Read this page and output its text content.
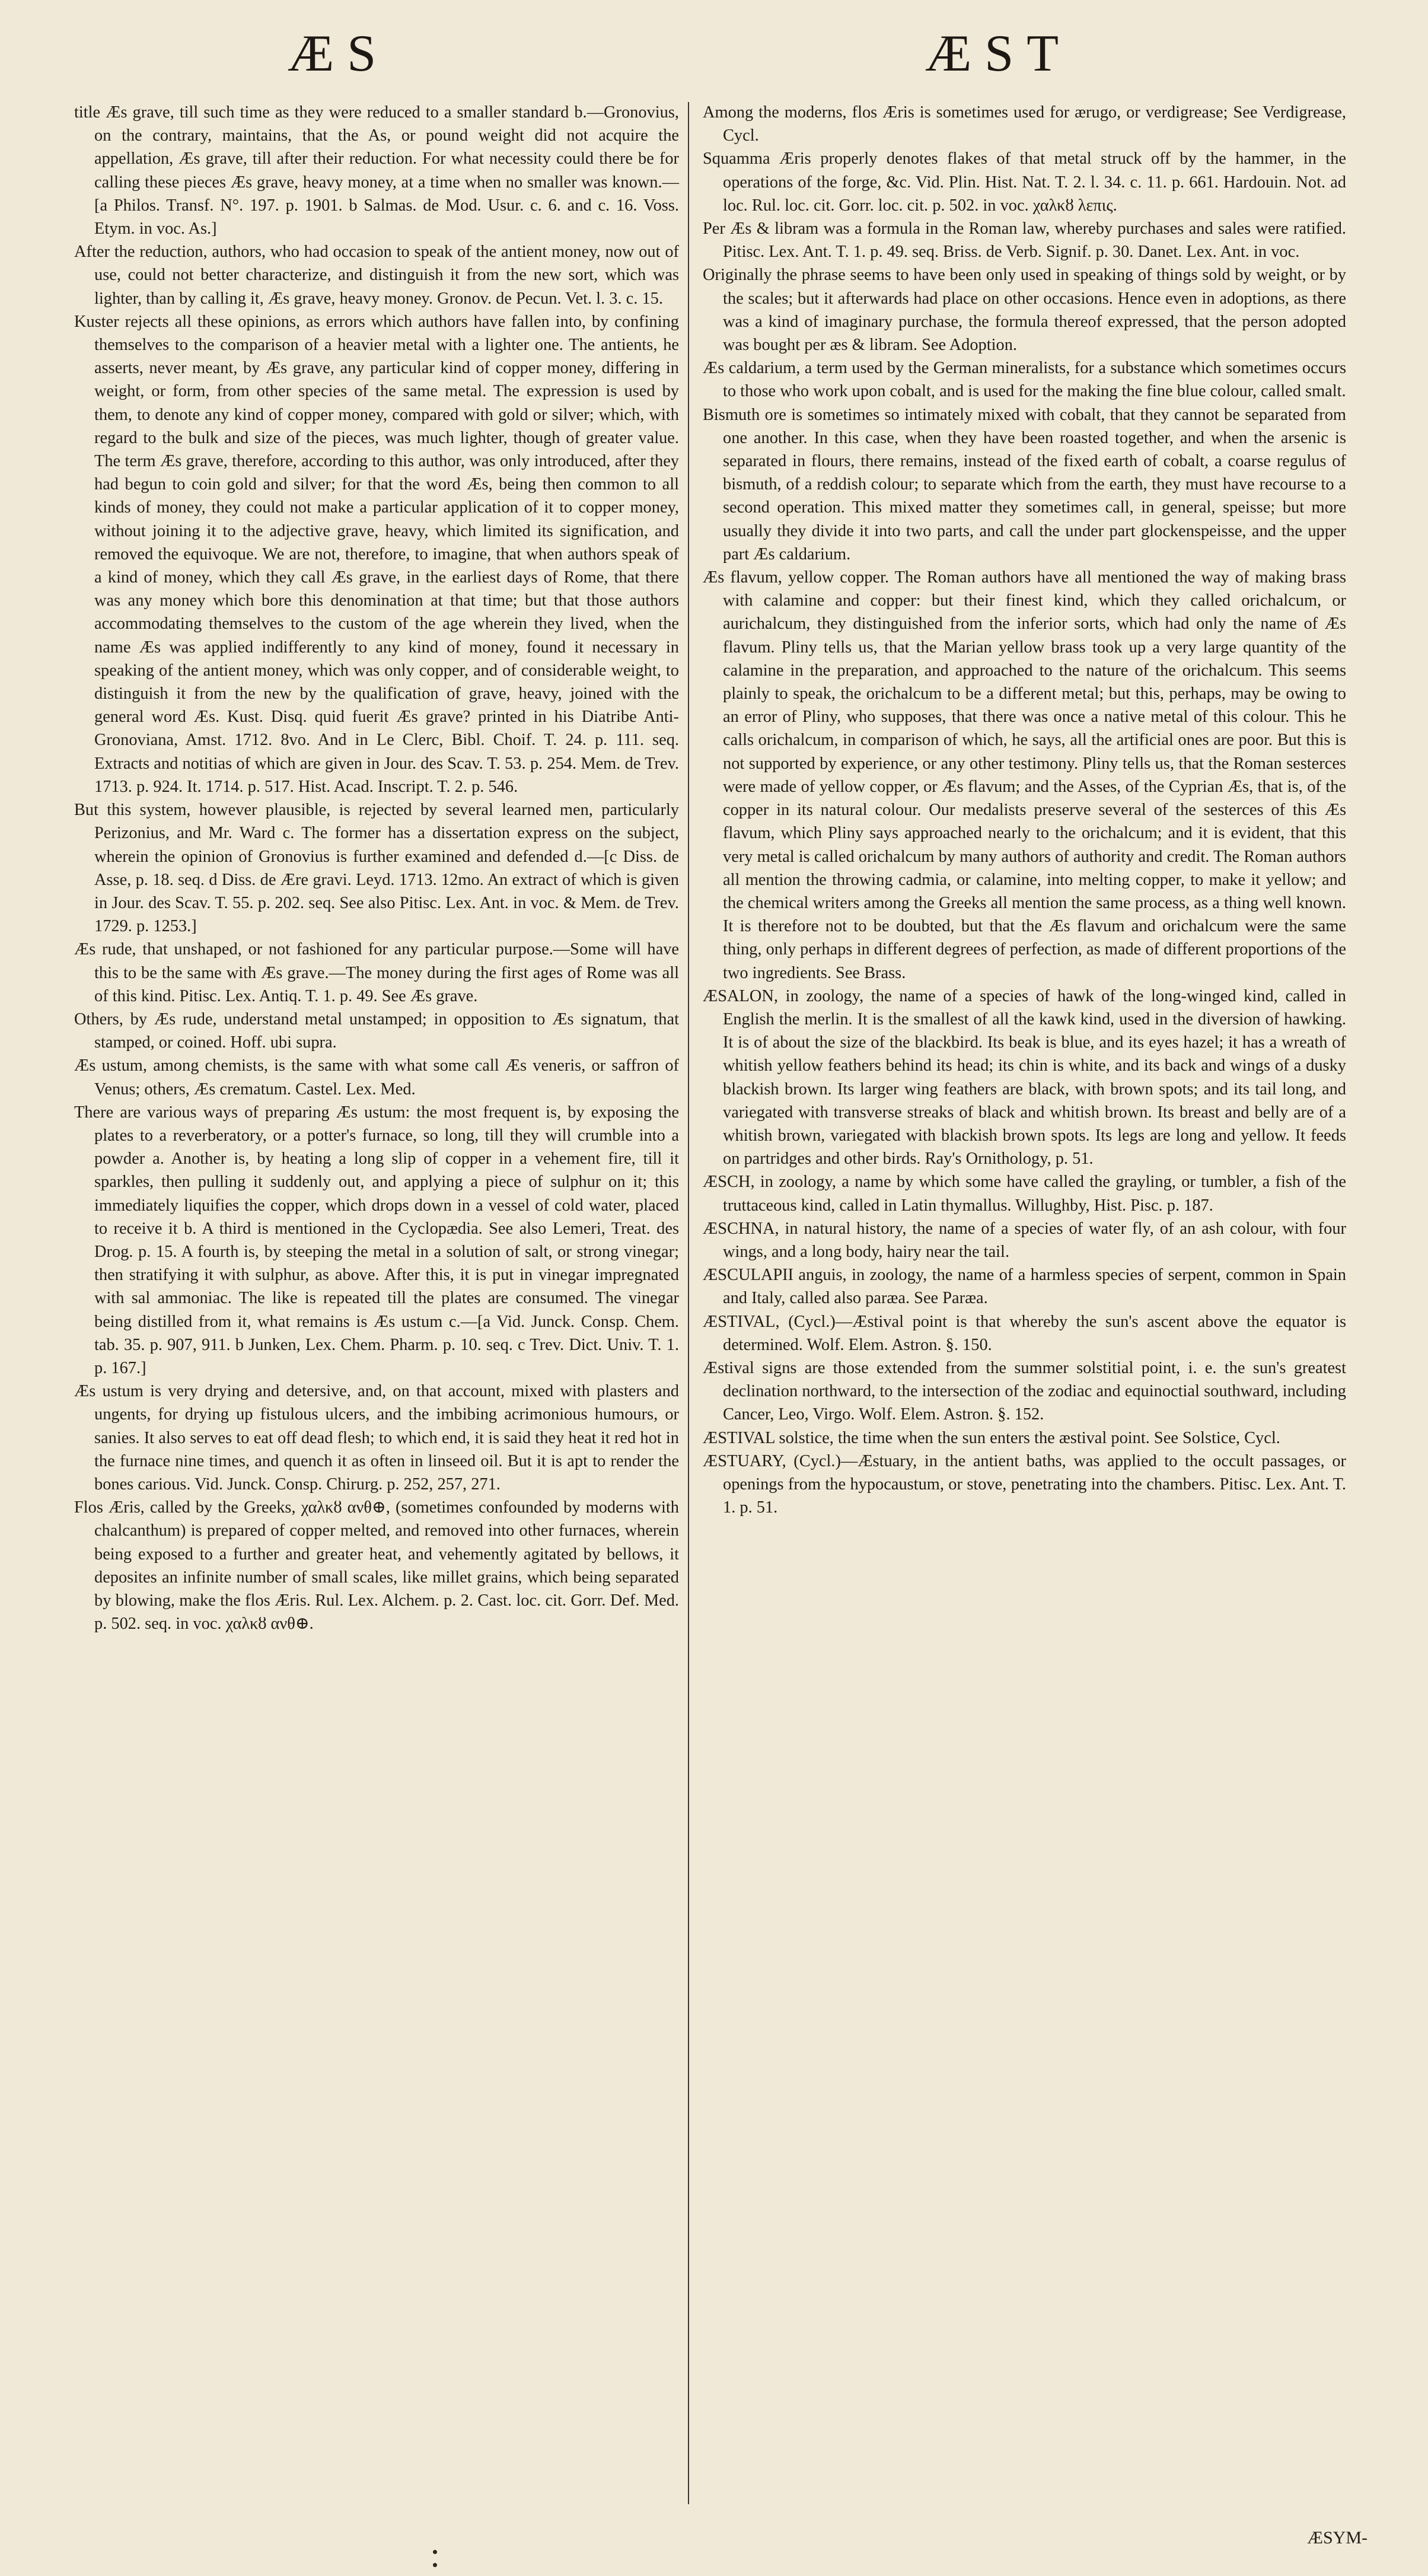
ÆS	ÆST

title Æs grave, till such time as they were reduced to a smaller standard b.—Gronovius, on the contrary, maintains, that the As, or pound weight did not acquire the appellation, Æs grave, till after their reduction. For what necessity could there be for calling these pieces Æs grave, heavy money, at a time when no smaller was known.—[a Philos. Transf. N°. 197. p. 1901. b Salmas. de Mod. Usur. c. 6. and c. 16. Voss. Etym. in voc. As.]

After the reduction, authors, who had occasion to speak of the antient money, now out of use, could not better characterize, and distinguish it from the new sort, which was lighter, than by calling it, Æs grave, heavy money. Gronov. de Pecun. Vet. l. 3. c. 15.

Kuster rejects all these opinions, as errors which authors have fallen into, by confining themselves to the comparison of a heavier metal with a lighter one. The antients, he asserts, never meant, by Æs grave, any particular kind of copper money, differing in weight, or form, from other species of the same metal. The expression is used by them, to denote any kind of copper money, compared with gold or silver; which, with regard to the bulk and size of the pieces, was much lighter, though of greater value. The term Æs grave, therefore, according to this author, was only introduced, after they had begun to coin gold and silver; for that the word Æs, being then common to all kinds of money, they could not make a particular application of it to copper money, without joining it to the adjective grave, heavy, which limited its signification, and removed the equivoque. We are not, therefore, to imagine, that when authors speak of a kind of money, which they call Æs grave, in the earliest days of Rome, that there was any money which bore this denomination at that time; but that those authors accommodating themselves to the custom of the age wherein they lived, when the name Æs was applied indifferently to any kind of money, found it necessary in speaking of the antient money, which was only copper, and of considerable weight, to distinguish it from the new by the qualification of grave, heavy, joined with the general word Æs. Kust. Disq. quid fuerit Æs grave? printed in his Diatribe Anti-Gronoviana, Amst. 1712. 8vo. And in Le Clerc, Bibl. Choif. T. 24. p. 111. seq. Extracts and notitias of which are given in Jour. des Scav. T. 53. p. 254. Mem. de Trev. 1713. p. 924. It. 1714. p. 517. Hist. Acad. Inscript. T. 2. p. 546.

But this system, however plausible, is rejected by several learned men, particularly Perizonius, and Mr. Ward c. The former has a dissertation express on the subject, wherein the opinion of Gronovius is further examined and defended d.—[c Diss. de Asse, p. 18. seq. d Diss. de Ære gravi. Leyd. 1713. 12mo. An extract of which is given in Jour. des Scav. T. 55. p. 202. seq. See also Pitisc. Lex. Ant. in voc. & Mem. de Trev. 1729. p. 1253.]

Æs rude, that unshaped, or not fashioned for any particular purpose.—Some will have this to be the same with Æs grave.—The money during the first ages of Rome was all of this kind. Pitisc. Lex. Antiq. T. 1. p. 49. See Æs grave.

Others, by Æs rude, understand metal unstamped; in opposition to Æs signatum, that stamped, or coined. Hoff. ubi supra.

Æs ustum, among chemists, is the same with what some call Æs veneris, or saffron of Venus; others, Æs crematum. Castel. Lex. Med.

There are various ways of preparing Æs ustum: the most frequent is, by exposing the plates to a reverberatory, or a potter's furnace, so long, till they will crumble into a powder a. Another is, by heating a long slip of copper in a vehement fire, till it sparkles, then pulling it suddenly out, and applying a piece of sulphur on it; this immediately liquifies the copper, which drops down in a vessel of cold water, placed to receive it b. A third is mentioned in the Cyclopædia. See also Lemeri, Treat. des Drog. p. 15. A fourth is, by steeping the metal in a solution of salt, or strong vinegar; then stratifying it with sulphur, as above. After this, it is put in vinegar impregnated with sal ammoniac. The like is repeated till the plates are consumed. The vinegar being distilled from it, what remains is Æs ustum c.—[a Vid. Junck. Consp. Chem. tab. 35. p. 907, 911. b Junken, Lex. Chem. Pharm. p. 10. seq. c Trev. Dict. Univ. T. 1. p. 167.]

Æs ustum is very drying and detersive, and, on that account, mixed with plasters and ungents, for drying up fistulous ulcers, and the imbibing acrimonious humours, or sanies. It also serves to eat off dead flesh; to which end, it is said they heat it red hot in the furnace nine times, and quench it as often in linseed oil. But it is apt to render the bones carious. Vid. Junck. Consp. Chirurg. p. 252, 257, 271.

Flos Æris, called by the Greeks, χαλκȣ ανθ⊕, (sometimes confounded by moderns with chalcanthum) is prepared of copper melted, and removed into other furnaces, wherein being exposed to a further and greater heat, and vehemently agitated by bellows, it deposites an infinite number of small scales, like millet grains, which being separated by blowing, make the flos Æris. Rul. Lex. Alchem. p. 2. Cast. loc. cit. Gorr. Def. Med. p. 502. seq. in voc. χαλκȣ ανθ⊕.

Among the moderns, flos Æris is sometimes used for ærugo, or verdigrease; See Verdigrease, Cycl.

Squamma Æris properly denotes flakes of that metal struck off by the hammer, in the operations of the forge, &c. Vid. Plin. Hist. Nat. T. 2. l. 34. c. 11. p. 661. Hardouin. Not. ad loc. Rul. loc. cit. Gorr. loc. cit. p. 502. in voc. χαλκȣ λεπις.

Per Æs & libram was a formula in the Roman law, whereby purchases and sales were ratified. Pitisc. Lex. Ant. T. 1. p. 49. seq. Briss. de Verb. Signif. p. 30. Danet. Lex. Ant. in voc.

Originally the phrase seems to have been only used in speaking of things sold by weight, or by the scales; but it afterwards had place on other occasions. Hence even in adoptions, as there was a kind of imaginary purchase, the formula thereof expressed, that the person adopted was bought per æs & libram. See Adoption.

Æs caldarium, a term used by the German mineralists, for a substance which sometimes occurs to those who work upon cobalt, and is used for the making the fine blue colour, called smalt.

Bismuth ore is sometimes so intimately mixed with cobalt, that they cannot be separated from one another. In this case, when they have been roasted together, and when the arsenic is separated in flours, there remains, instead of the fixed earth of cobalt, a coarse regulus of bismuth, of a reddish colour; to separate which from the earth, they must have recourse to a second operation. This mixed matter they sometimes call, in general, speisse; but more usually they divide it into two parts, and call the under part glockenspeisse, and the upper part Æs caldarium.

Æs flavum, yellow copper. The Roman authors have all mentioned the way of making brass with calamine and copper: but their finest kind, which they called orichalcum, or aurichalcum, they distinguished from the inferior sorts, which had only the name of Æs flavum. Pliny tells us, that the Marian yellow brass took up a very large quantity of the calamine in the preparation, and approached to the nature of the orichalcum. This seems plainly to speak, the orichalcum to be a different metal; but this, perhaps, may be owing to an error of Pliny, who supposes, that there was once a native metal of this colour. This he calls orichalcum, in comparison of which, he says, all the artificial ones are poor. But this is not supported by experience, or any other testimony. Pliny tells us, that the Roman sesterces were made of yellow copper, or Æs flavum; and the Asses, of the Cyprian Æs, that is, of the copper in its natural colour. Our medalists preserve several of the sesterces of this Æs flavum, which Pliny says approached nearly to the orichalcum; and it is evident, that this very metal is called orichalcum by many authors of authority and credit. The Roman authors all mention the throwing cadmia, or calamine, into melting copper, to make it yellow; and the chemical writers among the Greeks all mention the same process, as a thing well known. It is therefore not to be doubted, but that the Æs flavum and orichalcum were the same thing, only perhaps in different degrees of perfection, as made of different proportions of the two ingredients. See Brass.

ÆSALON, in zoology, the name of a species of hawk of the long-winged kind, called in English the merlin. It is the smallest of all the kawk kind, used in the diversion of hawking. It is of about the size of the blackbird. Its beak is blue, and its eyes hazel; it has a wreath of whitish yellow feathers behind its head; its chin is white, and its back and wings of a dusky blackish brown. Its larger wing feathers are black, with brown spots; and its tail long, and variegated with transverse streaks of black and whitish brown. Its breast and belly are of a whitish brown, variegated with blackish brown spots. Its legs are long and yellow. It feeds on partridges and other birds. Ray's Ornithology, p. 51.

ÆSCH, in zoology, a name by which some have called the grayling, or tumbler, a fish of the truttaceous kind, called in Latin thymallus. Willughby, Hist. Pisc. p. 187.

ÆSCHNA, in natural history, the name of a species of water fly, of an ash colour, with four wings, and a long body, hairy near the tail.

ÆSCULAPII anguis, in zoology, the name of a harmless species of serpent, common in Spain and Italy, called also paræa. See Paræa.

ÆSTIVAL, (Cycl.)—Æstival point is that whereby the sun's ascent above the equator is determined. Wolf. Elem. Astron. §. 150.

Æstival signs are those extended from the summer solstitial point, i. e. the sun's greatest declination northward, to the intersection of the zodiac and equinoctial southward, including Cancer, Leo, Virgo. Wolf. Elem. Astron. §. 152.

ÆSTIVAL solstice, the time when the sun enters the æstival point. See Solstice, Cycl.

ÆSTUARY, (Cycl.)—Æstuary, in the antient baths, was applied to the occult passages, or openings from the hypocaustum, or stove, penetrating into the chambers. Pitisc. Lex. Ant. T. 1. p. 51.

ÆSYM-
